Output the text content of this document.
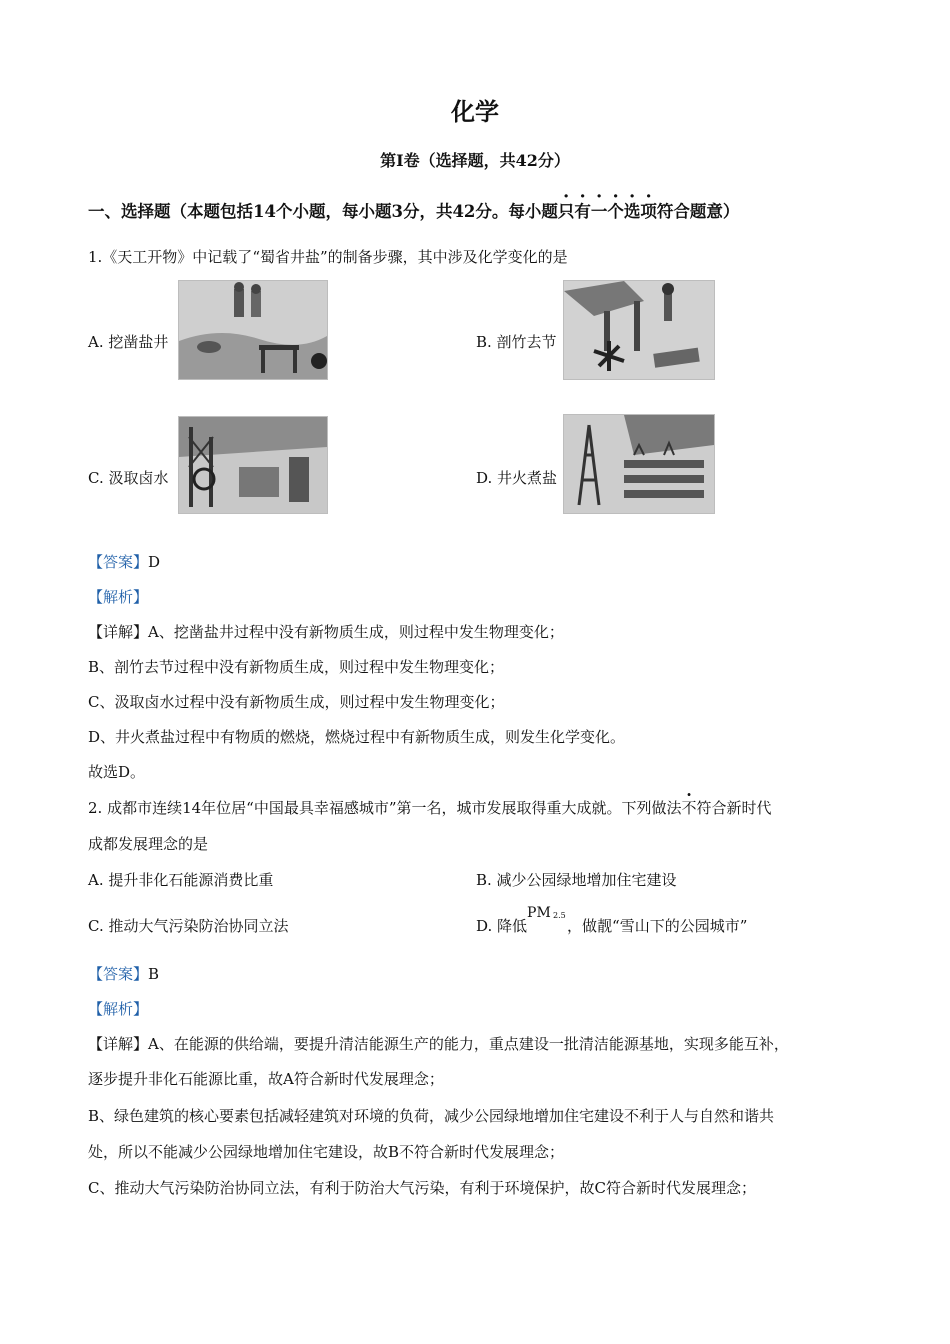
化学
第I卷（选择题，共42分）
一、选择题（本题包括14个小题，每小题3分，共42分。每小题只有一个选项符合题意）
1.《天工开物》中记载了“蜀省井盐”的制备步骤，其中涉及化学变化的是
A. 挖凿盐井	B. 剖竹去节
C. 汲取卤水	D. 井火煮盐
【答案】D
【解析】
【详解】A、挖凿盐井过程中没有新物质生成，则过程中发生物理变化；
B、剖竹去节过程中没有新物质生成，则过程中发生物理变化；
C、汲取卤水过程中没有新物质生成，则过程中发生物理变化；
D、井火煮盐过程中有物质的燃烧，燃烧过程中有新物质生成，则发生化学变化。
故选D。
2. 成都市连续14年位居“中国最具幸福感城市”第一名，城市发展取得重大成就。下列做法不符合新时代
成都发展理念的是
A. 提升非化石能源消费比重	B. 减少公园绿地增加住宅建设
C. 推动大气污染防治协同立法	D. 降低
PM 2.5
，做靓“雪山下的公园城市”
【答案】B
【解析】
【详解】A、在能源的供给端，要提升清洁能源生产的能力，重点建设一批清洁能源基地，实现多能互补，
逐步提升非化石能源比重，故A符合新时代发展理念；
B、绿色建筑的核心要素包括减轻建筑对环境的负荷，减少公园绿地增加住宅建设不利于人与自然和谐共
处，所以不能减少公园绿地增加住宅建设，故B不符合新时代发展理念；
C、推动大气污染防治协同立法，有利于防治大气污染，有利于环境保护，故C符合新时代发展理念；
